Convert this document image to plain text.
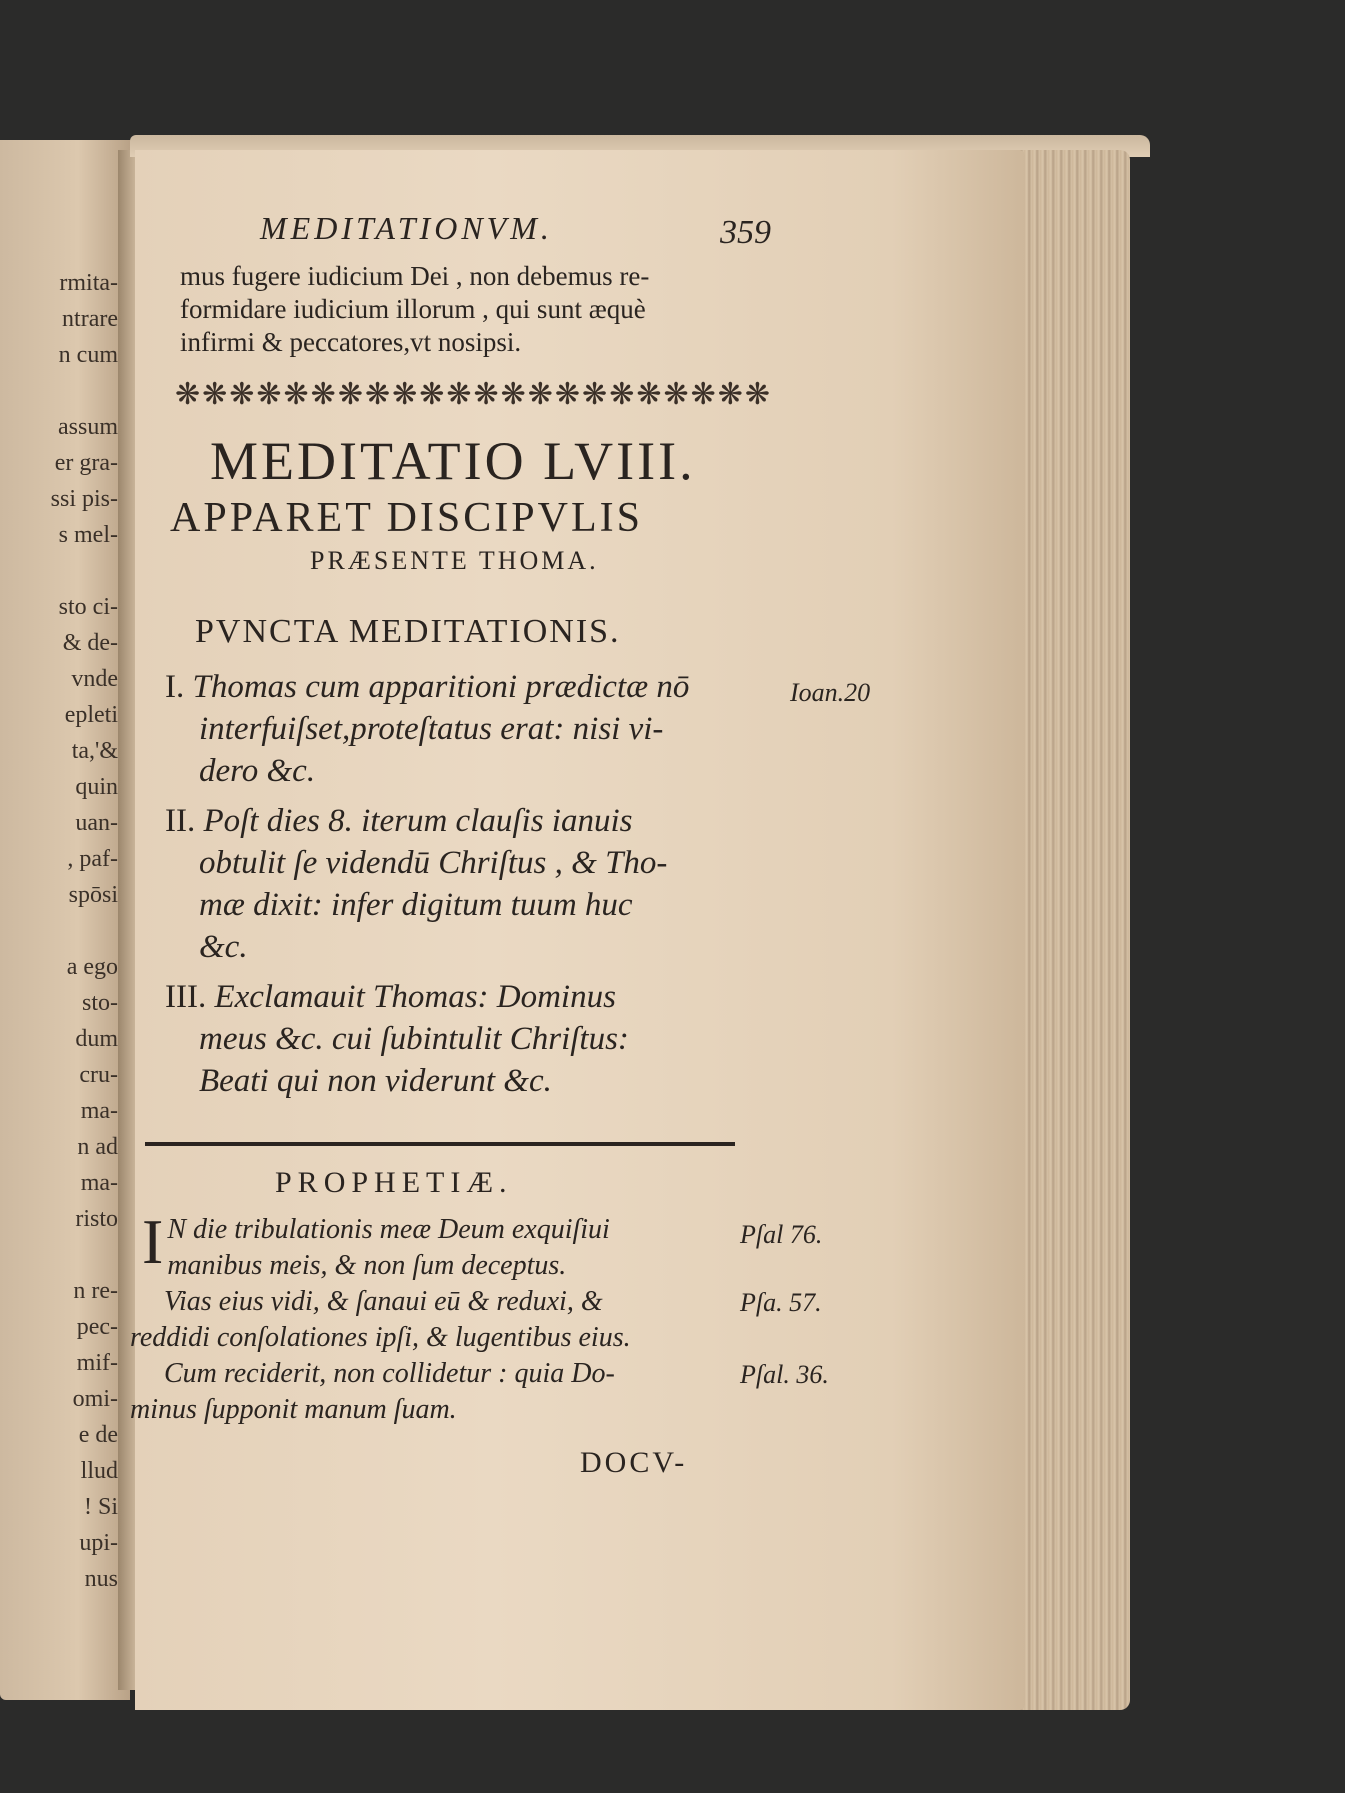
rmita-
ntrare
n cum
assum
er gra-
ssi pis-
s mel-
sto ci-
& de-
vnde
epleti
ta,'&
quin
uan-
, paf-
spōsi
a ego
sto-
dum
cru-
ma-
n ad
ma-
risto
n re-
pec-
mif-
omi-
e de
llud
! Si
upi-
nus
MEDITATIONVM.	359
mus fugere iudicium Dei , non debemus re-
formidare iudicium illorum , qui sunt æquè
infirmi & peccatores,vt nosipsi.
❋❋❋❋❋❋❋❋❋❋❋❋❋❋❋❋❋❋❋❋❋❋
MEDITATIO LVIII.
APPARET DISCIPVLIS
PRÆSENTE THOMA.
PVNCTA MEDITATIONIS.
I. Thomas cum apparitioni prædictæ nō
interfuiſset,proteſtatus erat: nisi vi-
dero &c.
Ioan.20
II. Poſt dies 8. iterum clauſis ianuis
obtulit ſe videndū Chriſtus , & Tho-
mæ dixit: infer digitum tuum huc
&c.
III. Exclamauit Thomas: Dominus
meus &c. cui ſubintulit Chriſtus:
Beati qui non viderunt &c.
PROPHETIÆ.
IN die tribulationis meæ Deum exquiſiui
manibus meis, & non ſum deceptus.
Vias eius vidi, & ſanaui eū & reduxi, &
reddidi conſolationes ipſi, & lugentibus eius.
Cum reciderit, non collidetur : quia Do-
minus ſupponit manum ſuam.
Pſal 76.
Pſa. 57.
Pſal. 36.
DOCV-
